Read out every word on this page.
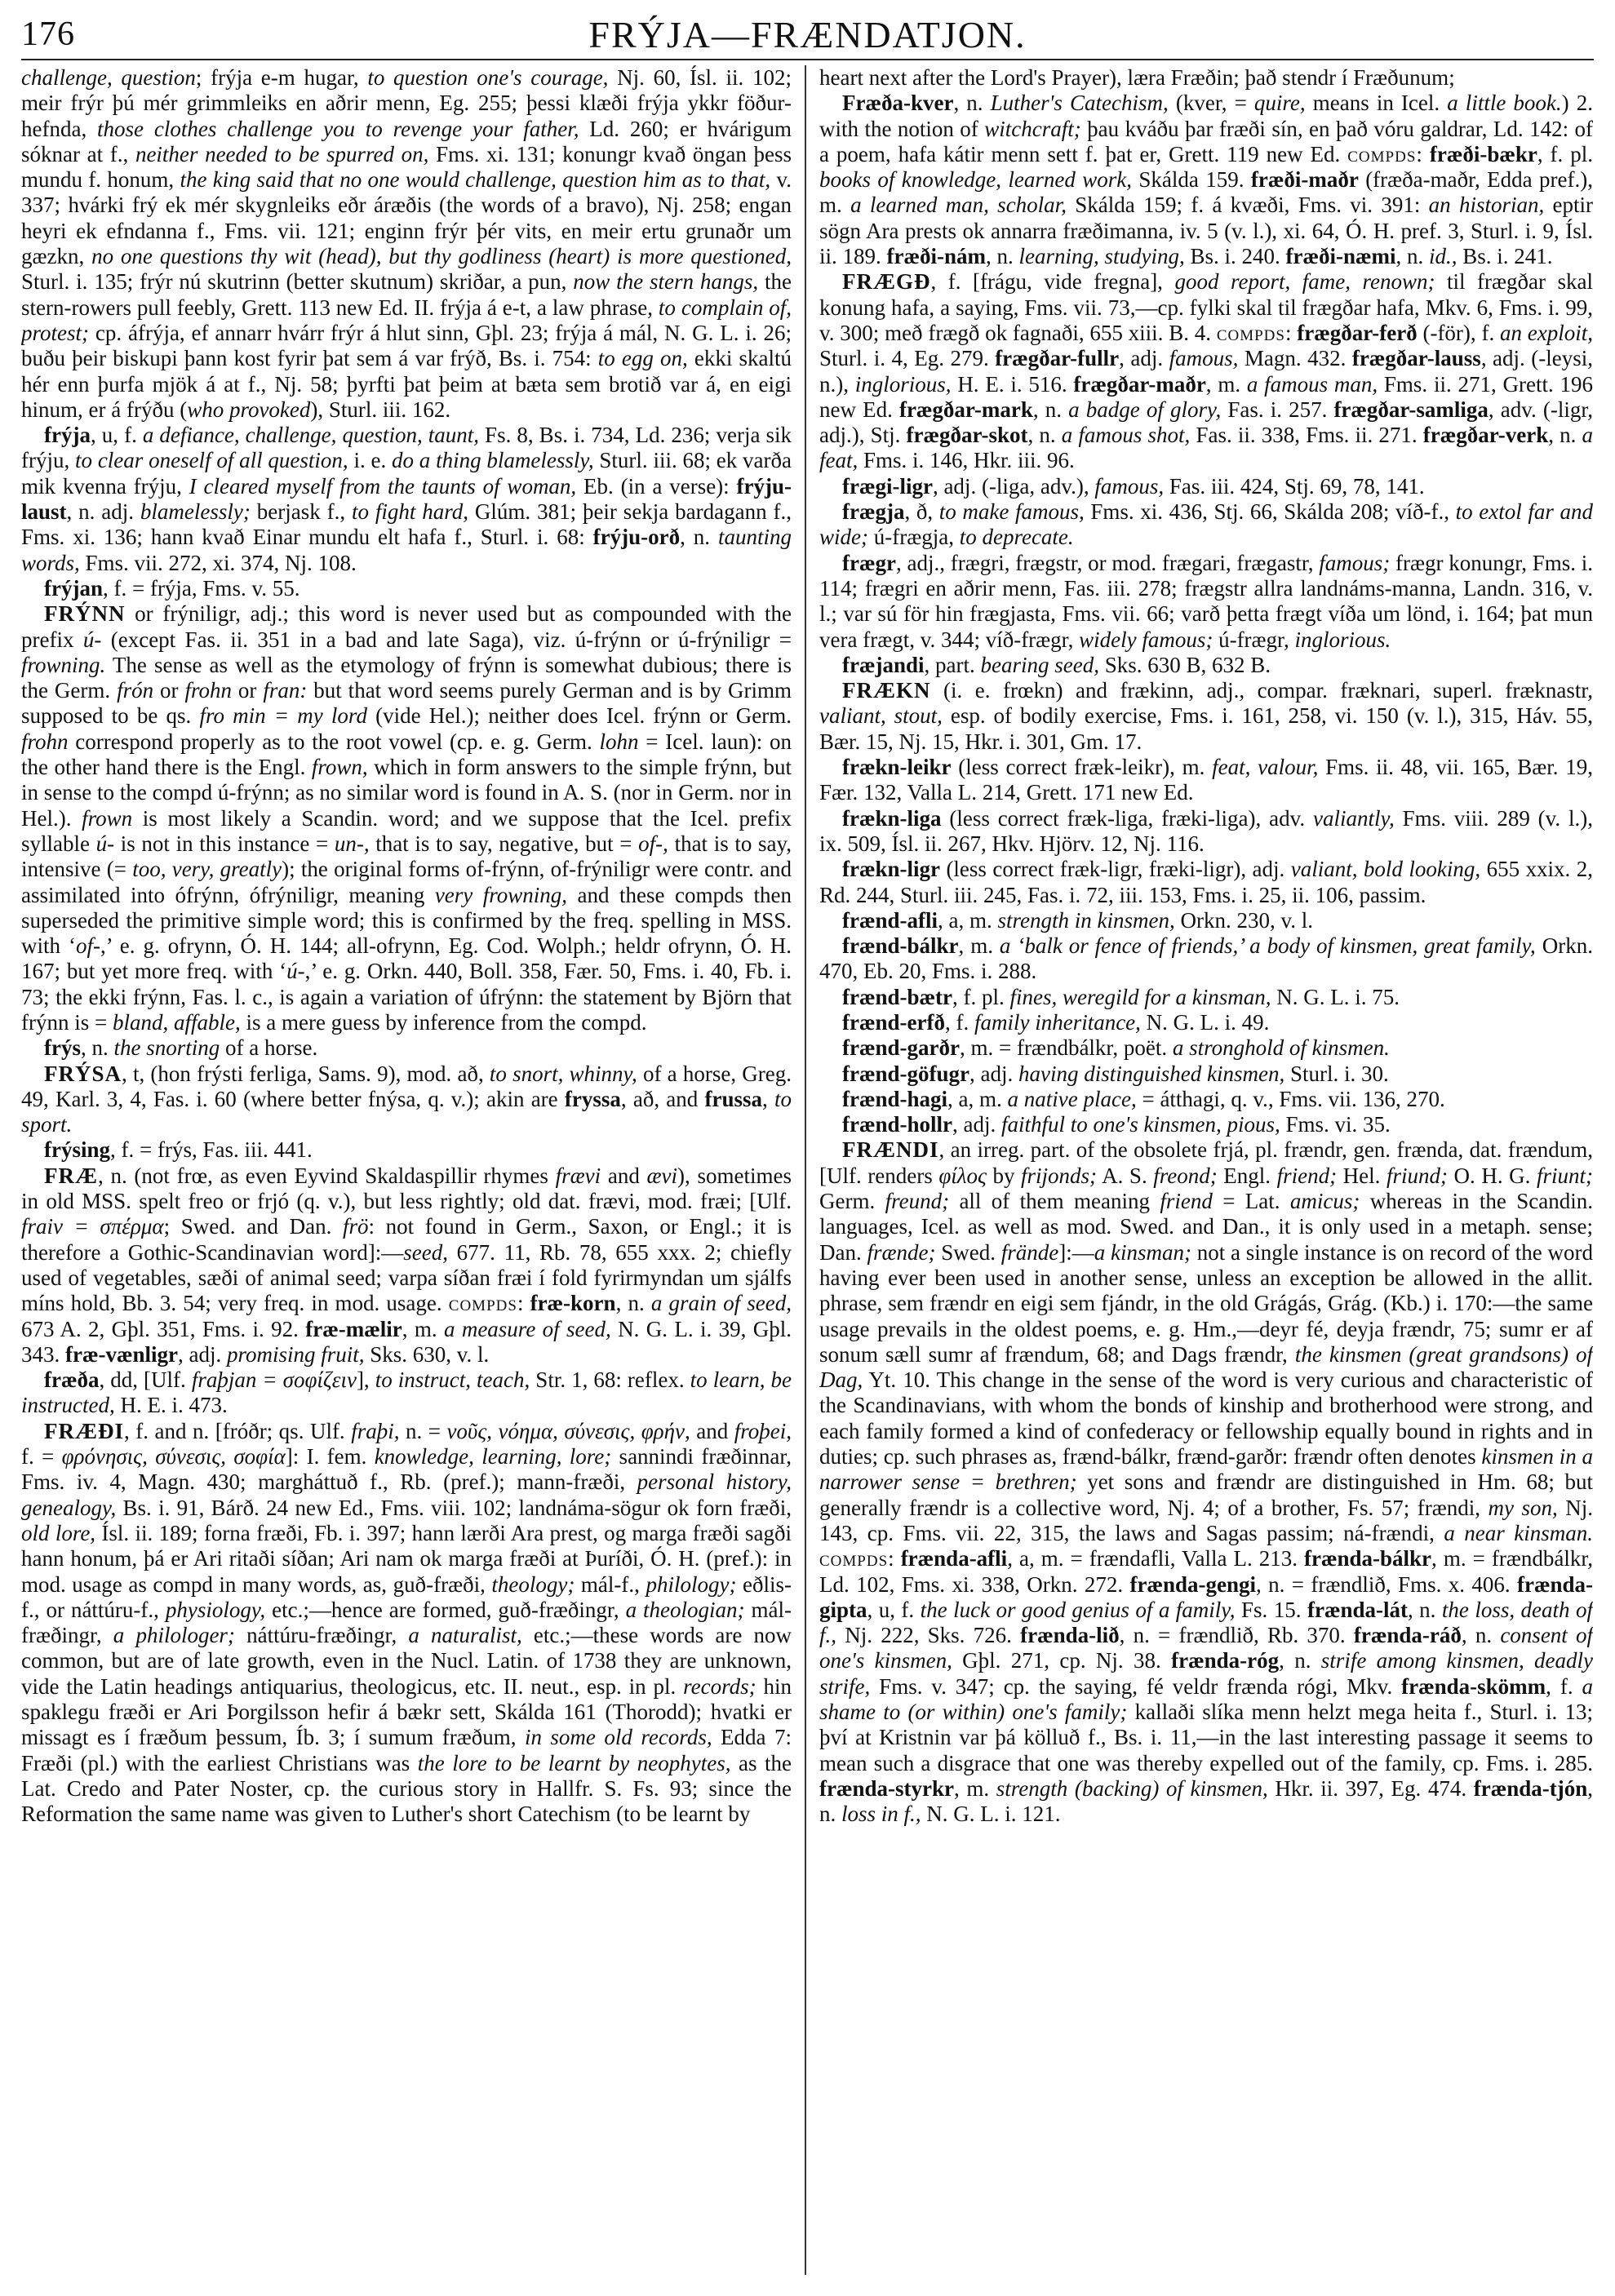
FRÝJA—FRÆNDATJON.
176

challenge, question; frýja e-m hugar, to question one's courage, Nj. 60, Ísl. ii. 102; meir frýr þú mér grimmleiks en aðrir menn, Eg. 255; þessi klæði frýja ykkr föður-hefnda, those clothes challenge you to revenge your father, Ld. 260; er hvárigum sóknar at f., neither needed to be spurred on, Fms. xi. 131; konungr kvað öngan þess mundu f. honum, the king said that no one would challenge, question him as to that, v. 337; hvárki frý ek mér skygnleiks eðr áræðis (the words of a bravo), Nj. 258; engan heyri ek efndanna f., Fms. vii. 121; enginn frýr þér vits, en meir ertu grunaðr um gæzkn, no one questions thy wit (head), but thy godliness (heart) is more questioned, Sturl. i. 135; frýr nú skutrinn (better skutnum) skriðar, a pun, now the stern hangs, the stern-rowers pull feebly, Grett. 113 new Ed. II. frýja á e-t, a law phrase, to complain of, protest; cp. áfrýja, ef annarr hvárr frýr á hlut sinn, Gþl. 23; frýja á mál, N. G. L. i. 26; buðu þeir biskupi þann kost fyrir þat sem á var frýð, Bs. i. 754: to egg on, ekki skaltú hér enn þurfa mjök á at f., Nj. 58; þyrfti þat þeim at bæta sem brotið var á, en eigi hinum, er á frýðu (who provoked), Sturl. iii. 162.

frýja, u, f. a defiance, challenge, question, taunt, Fs. 8, Bs. i. 734, Ld. 236; verja sik frýju, to clear oneself of all question, i. e. do a thing blamelessly, Sturl. iii. 68; ek varða mik kvenna frýju, I cleared myself from the taunts of woman, Eb. (in a verse): frýju-laust, n. adj. blamelessly; berjask f., to fight hard, Glúm. 381; þeir sekja bardagann f., Fms. xi. 136; hann kvað Einar mundu elt hafa f., Sturl. i. 68: frýju-orð, n. taunting words, Fms. vii. 272, xi. 374, Nj. 108.

frýjan, f. = frýja, Fms. v. 55.

FRÝNN or frýniligr, adj.; this word is never used but as compounded with the prefix ú- (except Fas. ii. 351 in a bad and late Saga), viz. ú-frýnn or ú-frýniligr = frowning. The sense as well as the etymology of frýnn is somewhat dubious; there is the Germ. frón or frohn or fran: but that word seems purely German and is by Grimm supposed to be qs. fro min = my lord (vide Hel.); neither does Icel. frýnn or Germ. frohn correspond properly as to the root vowel (cp. e. g. Germ. lohn = Icel. laun): on the other hand there is the Engl. frown, which in form answers to the simple frýnn, but in sense to the compd ú-frýnn; as no similar word is found in A. S. (nor in Germ. nor in Hel.). frown is most likely a Scandin. word; and we suppose that the Icel. prefix syllable ú- is not in this instance = un-, that is to say, negative, but = of-, that is to say, intensive (= too, very, greatly); the original forms of-frýnn, of-frýniligr were contr. and assimilated into ófrýnn, ófrýniligr, meaning very frowning, and these compds then superseded the primitive simple word; this is confirmed by the freq. spelling in MSS. with ‘of-,’ e. g. ofrynn, Ó. H. 144; all-ofrynn, Eg. Cod. Wolph.; heldr ofrynn, Ó. H. 167; but yet more freq. with ‘ú-,’ e. g. Orkn. 440, Boll. 358, Fær. 50, Fms. i. 40, Fb. i. 73; the ekki frýnn, Fas. l. c., is again a variation of úfrýnn: the statement by Björn that frýnn is = bland, affable, is a mere guess by inference from the compd.

frýs, n. the snorting of a horse.

FRÝSA, t, (hon frýsti ferliga, Sams. 9), mod. að, to snort, whinny, of a horse, Greg. 49, Karl. 3, 4, Fas. i. 60 (where better fnýsa, q. v.); akin are fryssa, að, and frussa, to sport.

frýsing, f. = frýs, Fas. iii. 441.

FRÆ, n. (not frœ, as even Eyvind Skaldaspillir rhymes frævi and ævi), sometimes in old MSS. spelt freo or frjó (q. v.), but less rightly; old dat. frævi, mod. fræi; [Ulf. fraiv = σπέρμα; Swed. and Dan. frö: not found in Germ., Saxon, or Engl.; it is therefore a Gothic-Scandinavian word]:—seed, 677. 11, Rb. 78, 655 xxx. 2; chiefly used of vegetables, sæði of animal seed; varpa síðan fræi í fold fyrirmyndan um sjálfs míns hold, Bb. 3. 54; very freq. in mod. usage. compds: fræ-korn, n. a grain of seed, 673 A. 2, Gþl. 351, Fms. i. 92. fræ-mælir, m. a measure of seed, N. G. L. i. 39, Gþl. 343. fræ-vænligr, adj. promising fruit, Sks. 630, v. l.

fræða, dd, [Ulf. fraþjan = σοφίζειν], to instruct, teach, Str. 1, 68: reflex. to learn, be instructed, H. E. i. 473.

FRÆÐI, f. and n. [fróðr; qs. Ulf. fraþi, n. = νοῦς, νόημα, σύνεσις, φρήν, and froþei, f. = φρόνησις, σύνεσις, σοφία]: I. fem. knowledge, learning, lore; sannindi fræðinnar, Fms. iv. 4, Magn. 430; margháttuð f., Rb. (pref.); mann-fræði, personal history, genealogy, Bs. i. 91, Bárð. 24 new Ed., Fms. viii. 102; landnáma-sögur ok forn fræði, old lore, Ísl. ii. 189; forna fræði, Fb. i. 397; hann lærði Ara prest, og marga fræði sagði hann honum, þá er Ari ritaði síðan; Ari nam ok marga fræði at Þuríði, Ó. H. (pref.): in mod. usage as compd in many words, as, guð-fræði, theology; mál-f., philology; eðlis-f., or náttúru-f., physiology, etc.;—hence are formed, guð-fræðingr, a theologian; mál-fræðingr, a philologer; náttúru-fræðingr, a naturalist, etc.;—these words are now common, but are of late growth, even in the Nucl. Latin. of 1738 they are unknown, vide the Latin headings antiquarius, theologicus, etc. II. neut., esp. in pl. records; hin spaklegu fræði er Ari Þorgilsson hefir á bækr sett, Skálda 161 (Thorodd); hvatki er missagt es í fræðum þessum, Íb. 3; í sumum fræðum, in some old records, Edda 7: Fræði (pl.) with the earliest Christians was the lore to be learnt by neophytes, as the Lat. Credo and Pater Noster, cp. the curious story in Hallfr. S. Fs. 93; since the Reformation the same name was given to Luther's short Catechism (to be learnt by

heart next after the Lord's Prayer), læra Fræðin; það stendr í Fræðunum;

Fræða-kver, n. Luther's Catechism, (kver, = quire, means in Icel. a little book.) 2. with the notion of witchcraft; þau kváðu þar fræði sín, en það vóru galdrar, Ld. 142: of a poem, hafa kátir menn sett f. þat er, Grett. 119 new Ed. compds: fræði-bækr, f. pl. books of knowledge, learned work, Skálda 159. fræði-maðr (fræða-maðr, Edda pref.), m. a learned man, scholar, Skálda 159; f. á kvæði, Fms. vi. 391: an historian, eptir sögn Ara prests ok annarra fræðimanna, iv. 5 (v. l.), xi. 64, Ó. H. pref. 3, Sturl. i. 9, Ísl. ii. 189. fræði-nám, n. learning, studying, Bs. i. 240. fræði-næmi, n. id., Bs. i. 241.

FRÆGÐ, f. [frágu, vide fregna], good report, fame, renown; til frægðar skal konung hafa, a saying, Fms. vii. 73,—cp. fylki skal til frægðar hafa, Mkv. 6, Fms. i. 99, v. 300; með frægð ok fagnaði, 655 xiii. B. 4. compds: frægðar-ferð (-för), f. an exploit, Sturl. i. 4, Eg. 279. frægðar-fullr, adj. famous, Magn. 432. frægðar-lauss, adj. (-leysi, n.), inglorious, H. E. i. 516. frægðar-maðr, m. a famous man, Fms. ii. 271, Grett. 196 new Ed. frægðar-mark, n. a badge of glory, Fas. i. 257. frægðar-samliga, adv. (-ligr, adj.), Stj. frægðar-skot, n. a famous shot, Fas. ii. 338, Fms. ii. 271. frægðar-verk, n. a feat, Fms. i. 146, Hkr. iii. 96.

frægi-ligr, adj. (-liga, adv.), famous, Fas. iii. 424, Stj. 69, 78, 141.

frægja, ð, to make famous, Fms. xi. 436, Stj. 66, Skálda 208; víð-f., to extol far and wide; ú-frægja, to deprecate.

frægr, adj., frægri, frægstr, or mod. frægari, frægastr, famous; frægr konungr, Fms. i. 114; frægri en aðrir menn, Fas. iii. 278; frægstr allra landnáms-manna, Landn. 316, v. l.; var sú för hin frægjasta, Fms. vii. 66; varð þetta frægt víða um lönd, i. 164; þat mun vera frægt, v. 344; víð-frægr, widely famous; ú-frægr, inglorious.

fræjandi, part. bearing seed, Sks. 630 B, 632 B.

FRÆKN (i. e. frœkn) and frækinn, adj., compar. fræknari, superl. fræknastr, valiant, stout, esp. of bodily exercise, Fms. i. 161, 258, vi. 150 (v. l.), 315, Háv. 55, Bær. 15, Nj. 15, Hkr. i. 301, Gm. 17.

frækn-leikr (less correct fræk-leikr), m. feat, valour, Fms. ii. 48, vii. 165, Bær. 19, Fær. 132, Valla L. 214, Grett. 171 new Ed.

frækn-liga (less correct fræk-liga, fræki-liga), adv. valiantly, Fms. viii. 289 (v. l.), ix. 509, Ísl. ii. 267, Hkv. Hjörv. 12, Nj. 116.

frækn-ligr (less correct fræk-ligr, fræki-ligr), adj. valiant, bold looking, 655 xxix. 2, Rd. 244, Sturl. iii. 245, Fas. i. 72, iii. 153, Fms. i. 25, ii. 106, passim.

frænd-afli, a, m. strength in kinsmen, Orkn. 230, v. l.

frænd-bálkr, m. a ‘balk or fence of friends,’ a body of kinsmen, great family, Orkn. 470, Eb. 20, Fms. i. 288.

frænd-bætr, f. pl. fines, weregild for a kinsman, N. G. L. i. 75.

frænd-erfð, f. family inheritance, N. G. L. i. 49.

frænd-garðr, m. = frændbálkr, poët. a stronghold of kinsmen.

frænd-göfugr, adj. having distinguished kinsmen, Sturl. i. 30.

frænd-hagi, a, m. a native place, = átthagi, q. v., Fms. vii. 136, 270.

frænd-hollr, adj. faithful to one's kinsmen, pious, Fms. vi. 35.

FRÆNDI, an irreg. part. of the obsolete frjá, pl. frændr, gen. frænda, dat. frændum, [Ulf. renders φίλος by frijonds; A. S. freond; Engl. friend; Hel. friund; O. H. G. friunt; Germ. freund; all of them meaning friend = Lat. amicus; whereas in the Scandin. languages, Icel. as well as mod. Swed. and Dan., it is only used in a metaph. sense; Dan. frænde; Swed. frände]:—a kinsman; not a single instance is on record of the word having ever been used in another sense, unless an exception be allowed in the allit. phrase, sem frændr en eigi sem fjándr, in the old Grágás, Grág. (Kb.) i. 170:—the same usage prevails in the oldest poems, e. g. Hm.,—deyr fé, deyja frændr, 75; sumr er af sonum sæll sumr af frændum, 68; and Dags frændr, the kinsmen (great grandsons) of Dag, Yt. 10. This change in the sense of the word is very curious and characteristic of the Scandinavians, with whom the bonds of kinship and brotherhood were strong, and each family formed a kind of confederacy or fellowship equally bound in rights and in duties; cp. such phrases as, frænd-bálkr, frænd-garðr: frændr often denotes kinsmen in a narrower sense = brethren; yet sons and frændr are distinguished in Hm. 68; but generally frændr is a collective word, Nj. 4; of a brother, Fs. 57; frændi, my son, Nj. 143, cp. Fms. vii. 22, 315, the laws and Sagas passim; ná-frændi, a near kinsman. compds: frænda-afli, a, m. = frændafli, Valla L. 213. frænda-bálkr, m. = frændbálkr, Ld. 102, Fms. xi. 338, Orkn. 272. frænda-gengi, n. = frændlið, Fms. x. 406. frænda-gipta, u, f. the luck or good genius of a family, Fs. 15. frænda-lát, n. the loss, death of f., Nj. 222, Sks. 726. frænda-lið, n. = frændlið, Rb. 370. frænda-ráð, n. consent of one's kinsmen, Gþl. 271, cp. Nj. 38. frænda-róg, n. strife among kinsmen, deadly strife, Fms. v. 347; cp. the saying, fé veldr frænda rógi, Mkv. frænda-skömm, f. a shame to (or within) one's family; kallaði slíka menn helzt mega heita f., Sturl. i. 13; því at Kristnin var þá kölluð f., Bs. i. 11,—in the last interesting passage it seems to mean such a disgrace that one was thereby expelled out of the family, cp. Fms. i. 285. frænda-styrkr, m. strength (backing) of kinsmen, Hkr. ii. 397, Eg. 474. frænda-tjón, n. loss in f., N. G. L. i. 121.
